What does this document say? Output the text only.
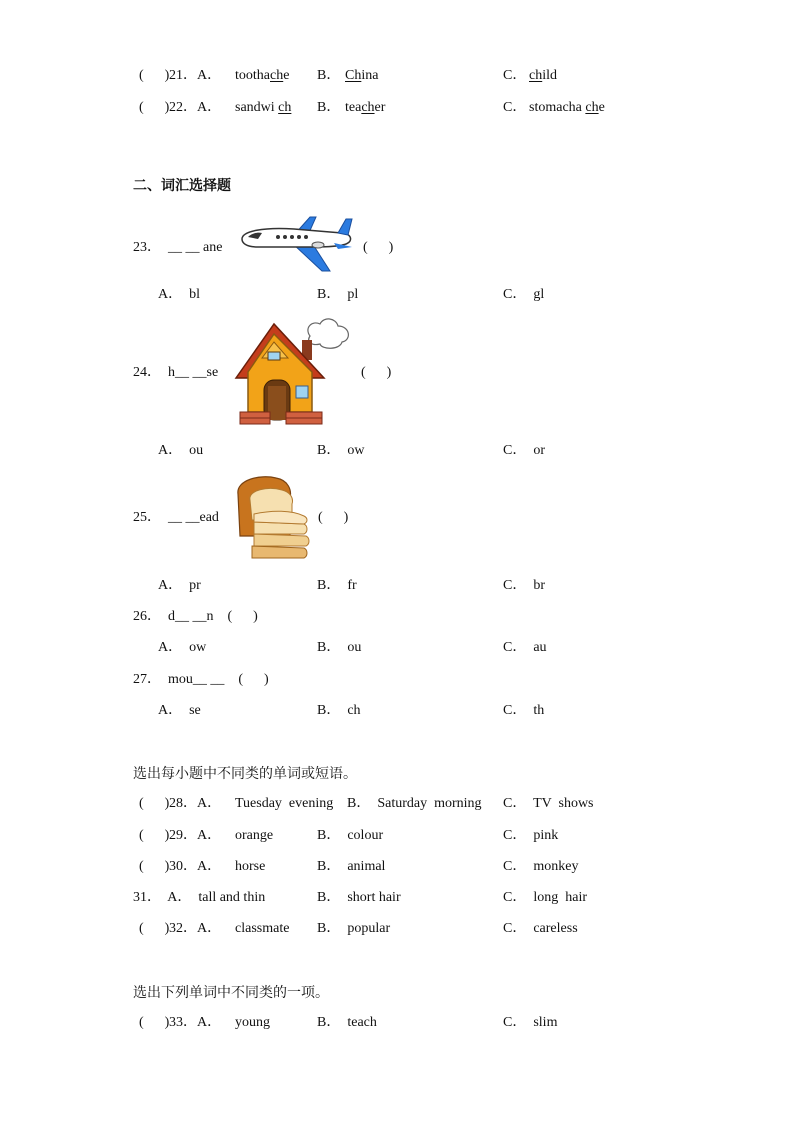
(      ) 21．A． toothache B． China	C． child
(      ) 22．A． sandwi ch B． teacher	C． stomacha che
二、词汇选择题
23．  __ __ ane	(      )
A．  bl	B．  pl	C．  gl
24．  h__ __se	(      )
A．  ou	B．  ow	C．  or
25．  __ __ead	(      )
A．  pr	B．  fr	C．  br
26．  d__ __n    (      )
A．  ow	B．  ou	C．  au
27．  mou__ __    (      )
A．  se	B．  ch	C．  th
选出每小题中不同类的单词或短语。
(      ) 28．A． Tuesday  evening B．  Saturday  morning C．  TV  shows
(      ) 29．A． orange	B．  colour	C．  pink
(      ) 30．A． horse	B．  animal	C．  monkey
31．  A．  tall and thin	B．  short hair	C．  long  hair
(      ) 32．A． classmate B．  popular	C．  careless
选出下列单词中不同类的一项。
(      ) 33．A． young	B．  teach	C．  slim
